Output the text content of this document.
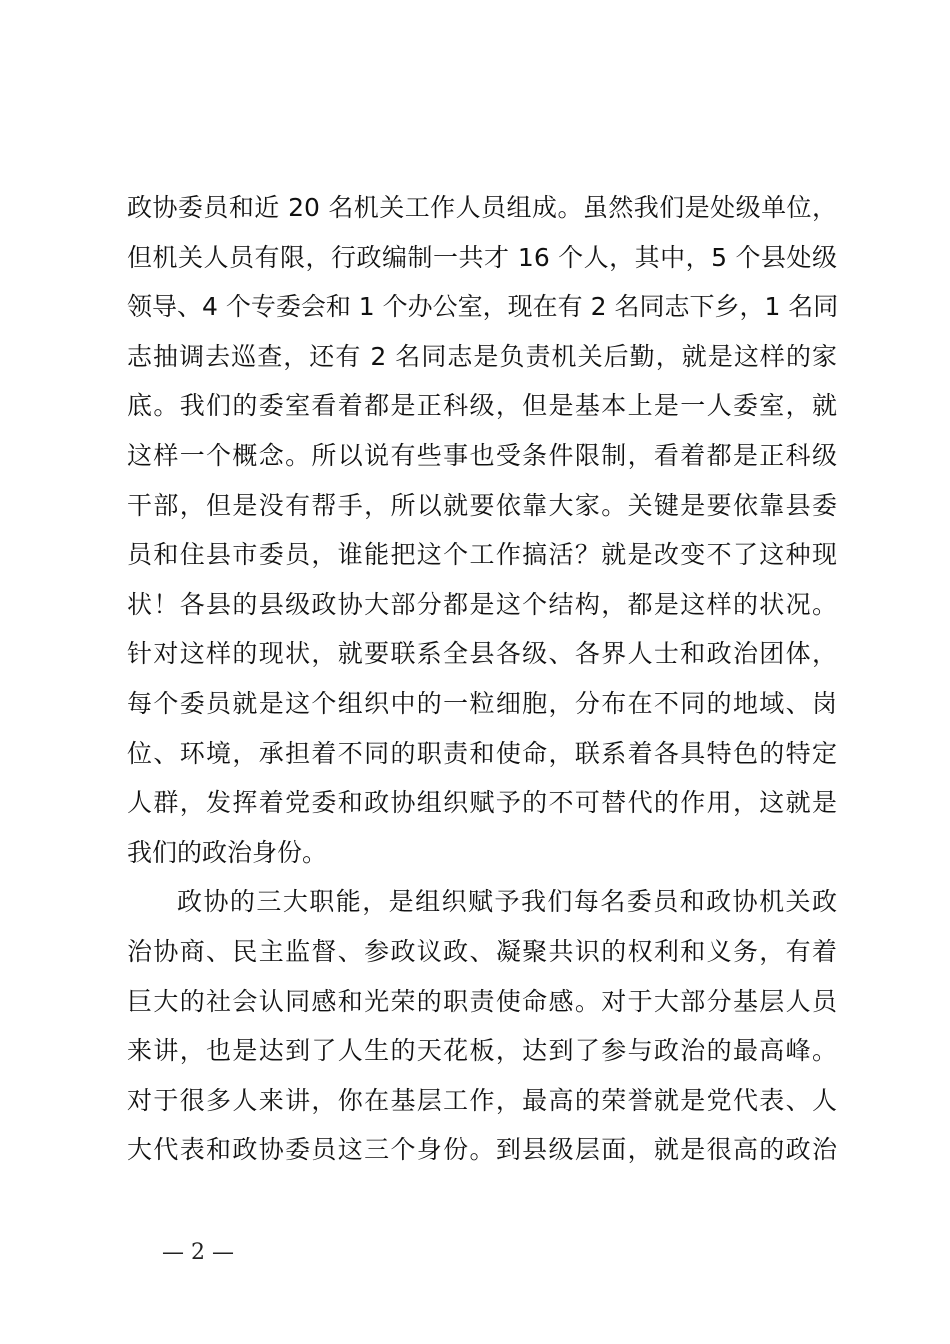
政协委员和近 20 名机关工作人员组成。虽然我们是处级单位，
但机关人员有限，行政编制一共才 16 个人，其中，5 个县处级
领导、4 个专委会和 1 个办公室，现在有 2 名同志下乡，1 名同
志抽调去巡查，还有 2 名同志是负责机关后勤，就是这样的家
底。我们的委室看着都是正科级，但是基本上是一人委室，就
这样一个概念。所以说有些事也受条件限制，看着都是正科级
干部，但是没有帮手，所以就要依靠大家。关键是要依靠县委
员和住县市委员，谁能把这个工作搞活？就是改变不了这种现
状！各县的县级政协大部分都是这个结构，都是这样的状况。
针对这样的现状，就要联系全县各级、各界人士和政治团体，
每个委员就是这个组织中的一粒细胞，分布在不同的地域、岗
位、环境，承担着不同的职责和使命，联系着各具特色的特定
人群，发挥着党委和政协组织赋予的不可替代的作用，这就是
我们的政治身份。
政协的三大职能，是组织赋予我们每名委员和政协机关政
治协商、民主监督、参政议政、凝聚共识的权利和义务，有着
巨大的社会认同感和光荣的职责使命感。对于大部分基层人员
来讲，也是达到了人生的天花板，达到了参与政治的最高峰。
对于很多人来讲，你在基层工作，最高的荣誉就是党代表、人
大代表和政协委员这三个身份。到县级层面，就是很高的政治
— 2 —
